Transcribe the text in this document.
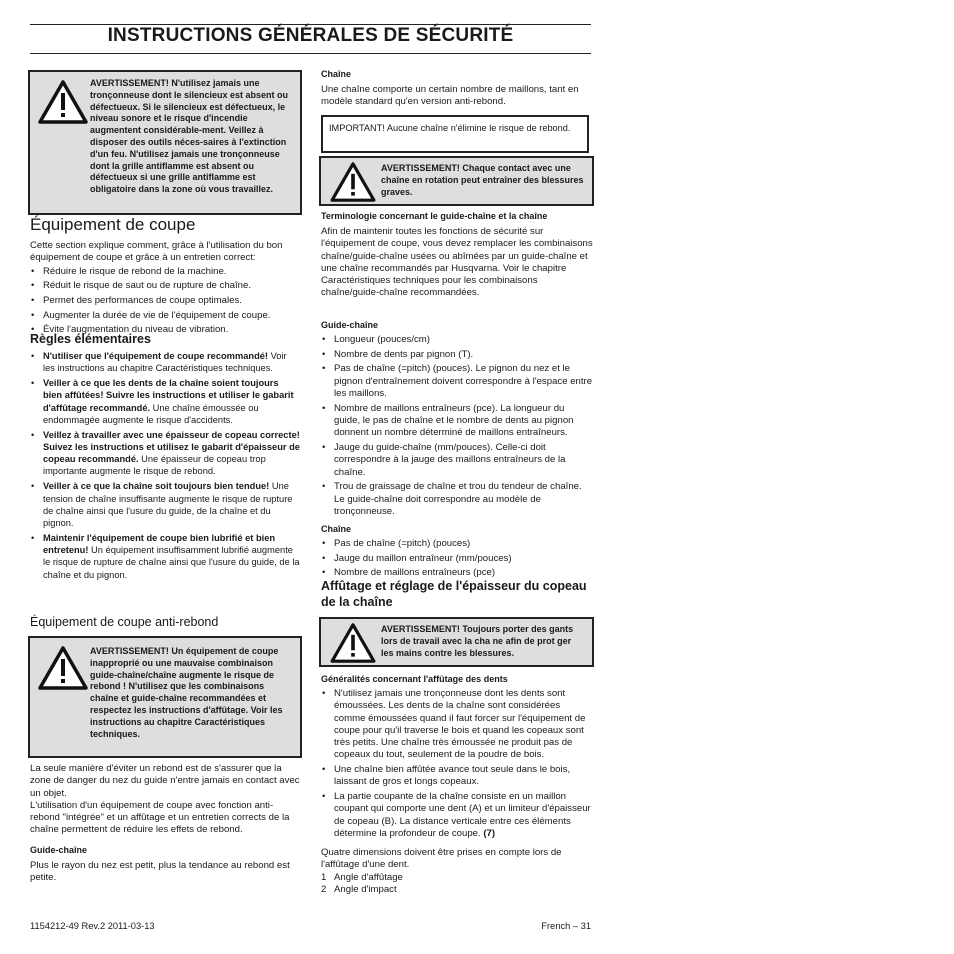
INSTRUCTIONS GÉNÉRALES DE SÉCURITÉ
AVERTISSEMENT! N'utilisez jamais une tronçonneuse dont le silencieux est absent ou défectueux. Si le silencieux est défectueux, le niveau sonore et le risque d'incendie augmentent considérable-ment. Veillez à disposer des outils néces-saires à l'extinction d'un feu. N'utilisez jamais une tronçonneuse dont la grille antiflamme est absent ou défectueux si une grille antiflamme est obligatoire dans la zone où vous travaillez.
Équipement de coupe

Cette section explique comment, grâce à l'utilisation du bon équipement de coupe et grâce à un entretien correct:

• Réduire le risque de rebond de la machine.
• Réduit le risque de saut ou de rupture de chaîne.
• Permet des performances de coupe optimales.
• Augmenter la durée de vie de l'équipement de coupe.
• Évite l'augmentation du niveau de vibration.
Règles élémentaires
• N'utiliser que l'équipement de coupe recommandé! Voir les instructions au chapitre Caractéristiques techniques.
• Veiller à ce que les dents de la chaîne soient toujours bien affûtées! Suivre les instructions et utiliser le gabarit d'affûtage recommandé. Une chaîne émoussée ou endommagée augmente le risque d'accidents.
• Veillez à travailler avec une épaisseur de copeau correcte! Suivez les instructions et utilisez le gabarit d'épaisseur de copeau recommandé. Une épaisseur de copeau trop importante augmente le risque de rebond.
• Veiller à ce que la chaîne soit toujours bien tendue! Une tension de chaîne insuffisante augmente le risque de rupture de chaîne ainsi que l'usure du guide, de la chaîne et du pignon.
• Maintenir l'équipement de coupe bien lubrifié et bien entretenu! Un équipement insuffisamment lubrifié augmente le risque de rupture de chaîne ainsi que l'usure du guide, de la chaîne et du pignon.
Équipement de coupe anti-rebond
AVERTISSEMENT! Un équipement de coupe inapproprié ou une mauvaise combinaison guide-chaîne/chaîne augmente le risque de rebond ! N'utilisez que les combinaisons chaîne et guide-chaîne recommandées et respectez les instructions d'affûtage. Voir les instructions au chapitre Caractéristiques techniques.

La seule manière d'éviter un rebond est de s'assurer que la zone de danger du nez du guide n'entre jamais en contact avec un objet.

L'utilisation d'un équipement de coupe avec fonction anti-rebond "intégrée" et un affûtage et un entretien corrects de la chaîne permettent de réduire les effets de rebond.

Guide-chaîne
Plus le rayon du nez est petit, plus la tendance au rebond est petite.
Chaîne
Une chaîne comporte un certain nombre de maillons, tant en modèle standard qu'en version anti-rebond.
IMPORTANT! Aucune chaîne n'élimine le risque de rebond.
AVERTISSEMENT! Chaque contact avec une chaîne en rotation peut entraîner des blessures graves.
Terminologie concernant le guide-chaîne et la chaîne
Afin de maintenir toutes les fonctions de sécurité sur l'équipement de coupe, vous devez remplacer les combinaisons chaîne/guide-chaîne usées ou abîmées par un guide-chaîne et une chaîne recommandés par Husqvarna. Voir le chapitre Caractéristiques techniques pour les combinaisons chaîne/guide-chaîne recommandées.
Guide-chaîne
• Longueur (pouces/cm)
• Nombre de dents par pignon (T).
• Pas de chaîne (=pitch) (pouces). Le pignon du nez et le pignon d'entraînement doivent correspondre à l'espace entre les maillons.
• Nombre de maillons entraîneurs (pce). La longueur du guide, le pas de chaîne et le nombre de dents au pignon donnent un nombre déterminé de maillons entraîneurs.
• Jauge du guide-chaîne (mm/pouces). Celle-ci doit correspondre à la jauge des maillons entraîneurs de la chaîne.
• Trou de graissage de chaîne et trou du tendeur de chaîne. Le guide-chaîne doit correspondre au modèle de tronçonneuse.
Chaîne
• Pas de chaîne (=pitch) (pouces)
• Jauge du maillon entraîneur (mm/pouces)
• Nombre de maillons entraîneurs (pce)
Affûtage et réglage de l'épaisseur du copeau de la chaîne
AVERTISSEMENT! Toujours porter des gants lors de travail avec la cha ne afin de prot ger les mains contre les blessures.
Généralités concernant l'affûtage des dents
• N'utilisez jamais une tronçonneuse dont les dents sont émoussées. Les dents de la chaîne sont considérées comme émoussées quand il faut forcer sur l'équipement de coupe pour qu'il traverse le bois et quand les copeaux sont très petits. Une chaîne très émoussée ne produit pas de copeaux du tout, seulement de la poudre de bois.
• Une chaîne bien affûtée avance tout seule dans le bois, laissant de gros et longs copeaux.
• La partie coupante de la chaîne consiste en un maillon coupant qui comporte une dent (A) et un limiteur d'épaisseur de copeau (B). La distance verticale entre ces éléments détermine la profondeur de coupe. (7)
Quatre dimensions doivent être prises en compte lors de l'affûtage d'une dent.
1 Angle d'affûtage
2 Angle d'impact
1154212-49 Rev.2 2011-03-13	French – 31
